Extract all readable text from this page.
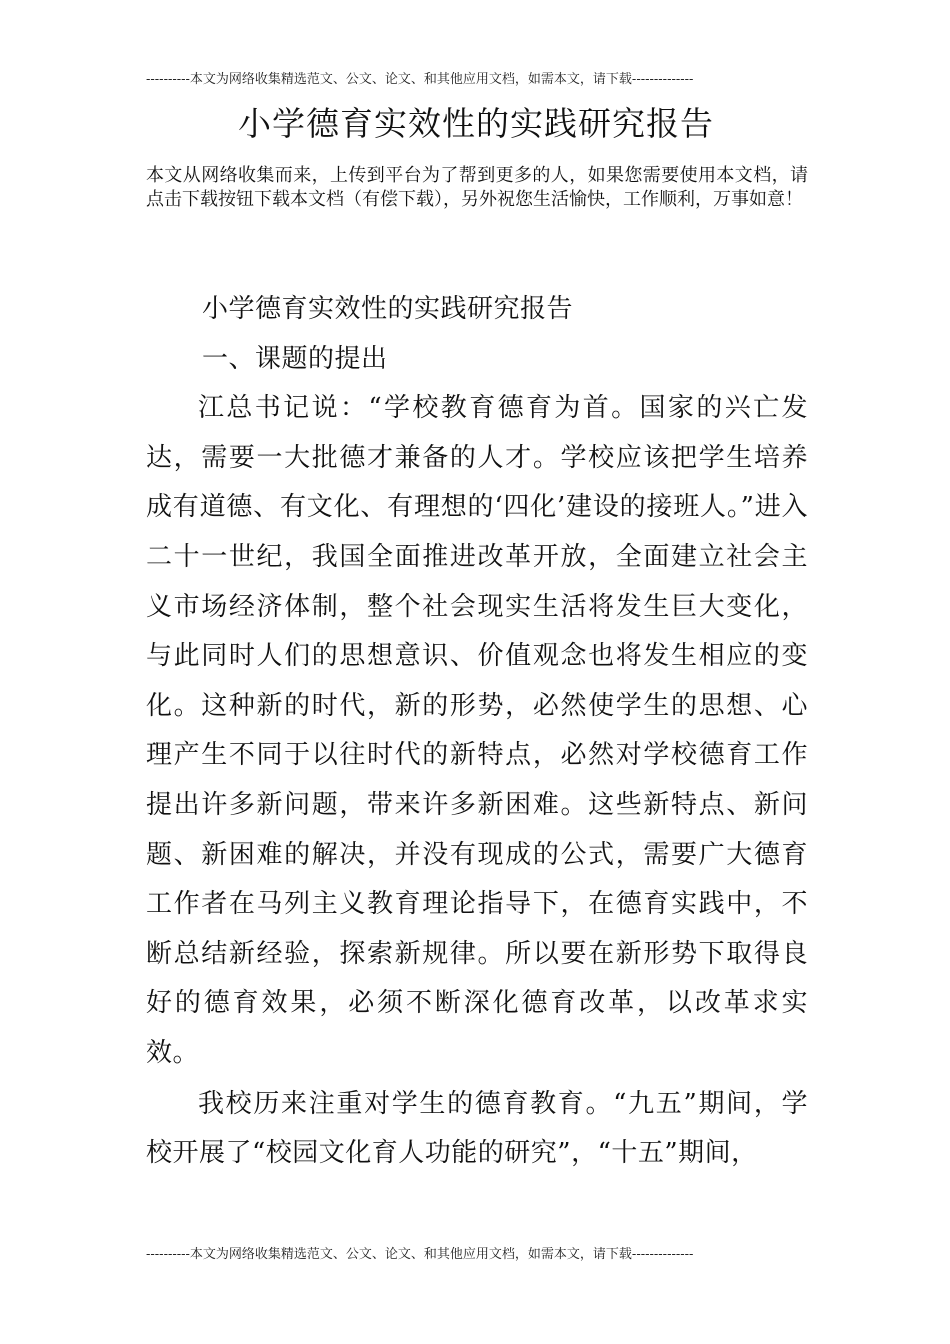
----------本文为网络收集精选范文、公文、论文、和其他应用文档，如需本文，请下载--------------
小学德育实效性的实践研究报告

本文从网络收集而来，上传到平台为了帮到更多的人，如果您需要使用本文档，请点击下载按钮下载本文档（有偿下载），另外祝您生活愉快，工作顺利，万事如意！

小学德育实效性的实践研究报告

一、课题的提出

江总书记说：“学校教育德育为首。国家的兴亡发达，需要一大批德才兼备的人才。学校应该把学生培养成有道德、有文化、有理想的‘四化’建设的接班人。”进入二十一世纪，我国全面推进改革开放，全面建立社会主义市场经济体制，整个社会现实生活将发生巨大变化，与此同时人们的思想意识、价值观念也将发生相应的变化。这种新的时代，新的形势，必然使学生的思想、心理产生不同于以往时代的新特点，必然对学校德育工作提出许多新问题，带来许多新困难。这些新特点、新问题、新困难的解决，并没有现成的公式，需要广大德育工作者在马列主义教育理论指导下，在德育实践中，不断总结新经验，探索新规律。所以要在新形势下取得良好的德育效果，必须不断深化德育改革，以改革求实效。

我校历来注重对学生的德育教育。“九五”期间，学校开展了“校园文化育人功能的研究”，“十五”期间，

----------本文为网络收集精选范文、公文、论文、和其他应用文档，如需本文，请下载--------------
